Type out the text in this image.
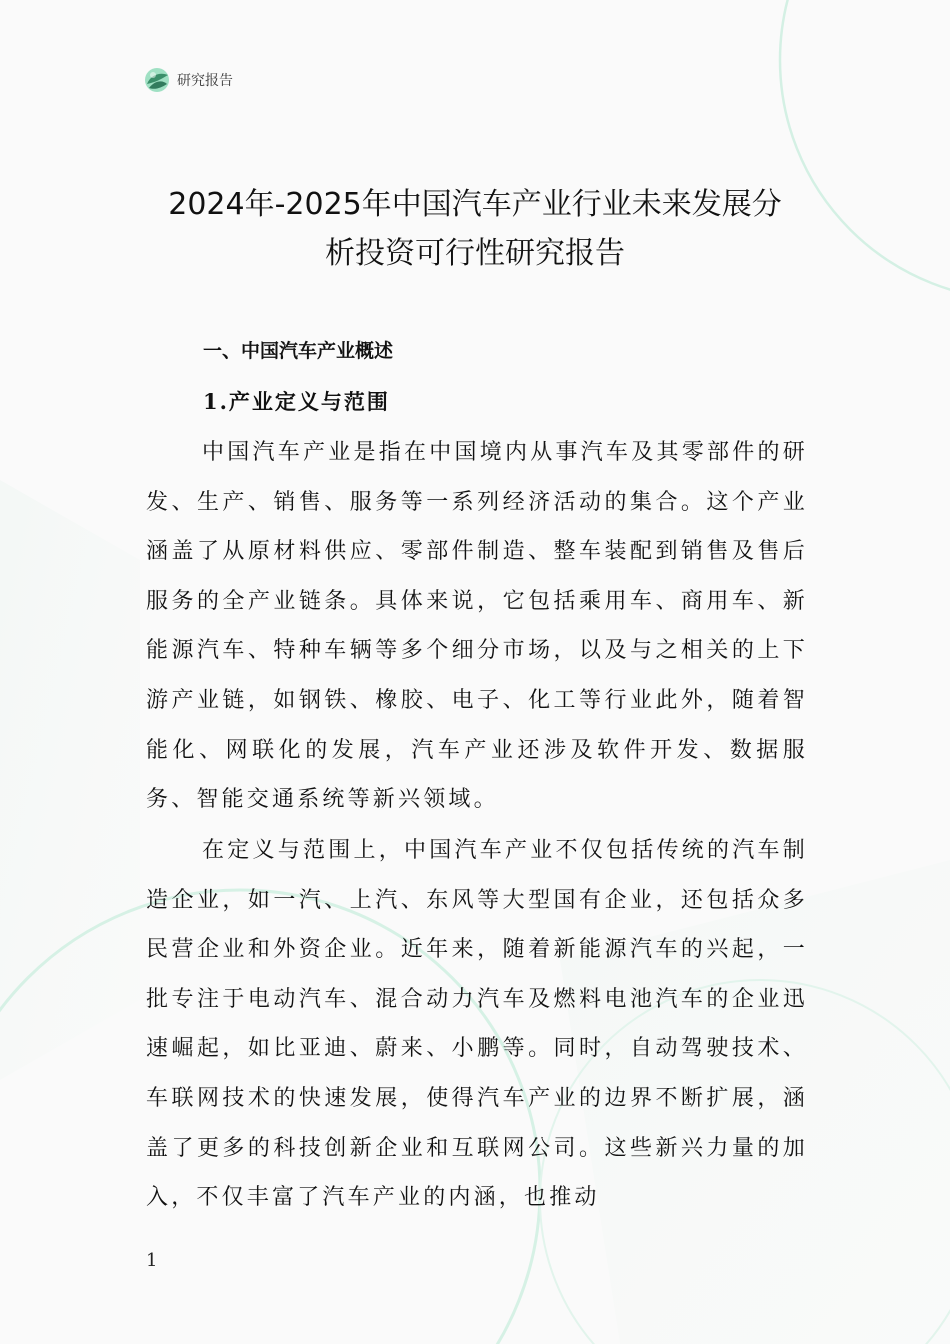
研究报告
2024年-2025年中国汽车产业行业未来发展分
析投资可行性研究报告
一、中国汽车产业概述
1.产业定义与范围

中国汽车产业是指在中国境内从事汽车及其零部件的研发、生产、销售、服务等一系列经济活动的集合。这个产业涵盖了从原材料供应、零部件制造、整车装配到销售及售后服务的全产业链条。具体来说，它包括乘用车、商用车、新能源汽车、特种车辆等多个细分市场，以及与之相关的上下游产业链，如钢铁、橡胶、电子、化工等行业此外，随着智能化、网联化的发展，汽车产业还涉及软件开发、数据服务、智能交通系统等新兴领域。

在定义与范围上，中国汽车产业不仅包括传统的汽车制造企业，如一汽、上汽、东风等大型国有企业，还包括众多民营企业和外资企业。近年来，随着新能源汽车的兴起，一批专注于电动汽车、混合动力汽车及燃料电池汽车的企业迅速崛起，如比亚迪、蔚来、小鹏等。同时，自动驾驶技术、车联网技术的快速发展，使得汽车产业的边界不断扩展，涵盖了更多的科技创新企业和互联网公司。这些新兴力量的加入，不仅丰富了汽车产业的内涵，也推动

1
